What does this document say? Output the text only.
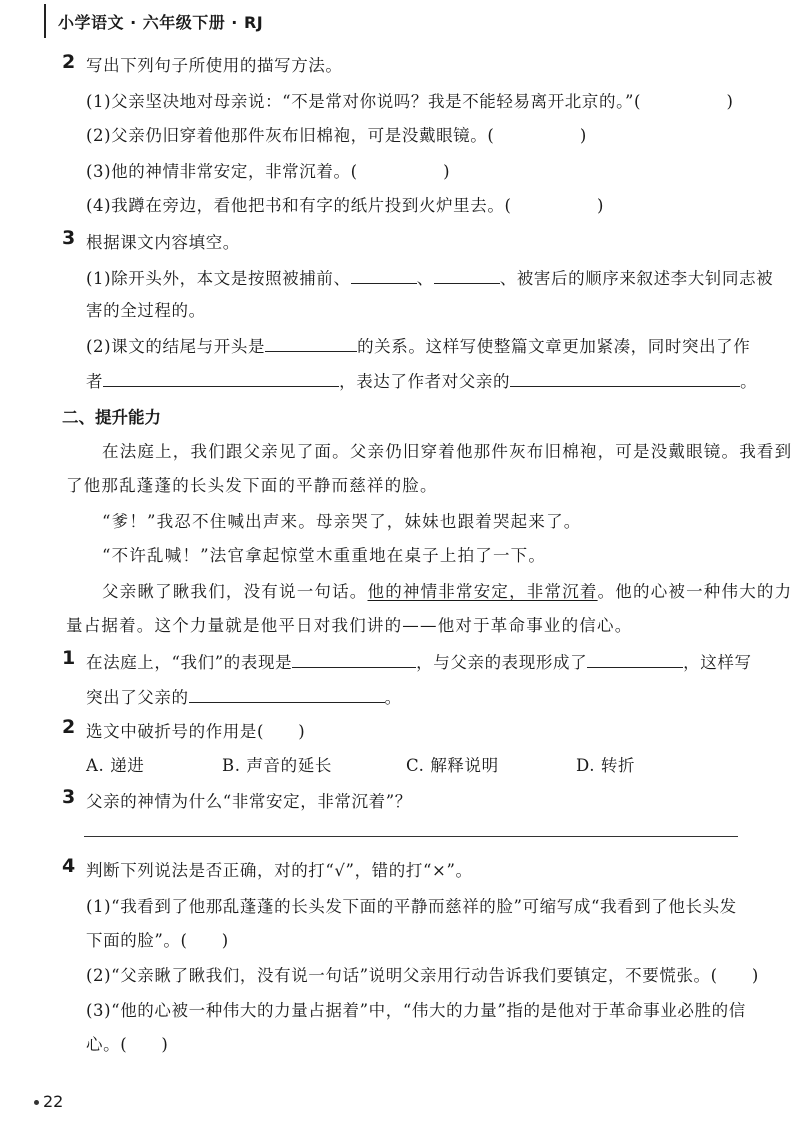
小学语文 · 六年级下册 · RJ
2 写出下列句子所使用的描写方法。
(1)父亲坚决地对母亲说：“不是常对你说吗？我是不能轻易离开北京的。”(　　　　　)
(2)父亲仍旧穿着他那件灰布旧棉袍，可是没戴眼镜。(　　　　　)
(3)他的神情非常安定，非常沉着。(　　　　　)
(4)我蹲在旁边，看他把书和有字的纸片投到火炉里去。(　　　　　)
3 根据课文内容填空。
(1)除开头外，本文是按照被捕前、	、	、被害后的顺序来叙述李大钊同志被
害的全过程的。
(2)课文的结尾与开头是	的关系。这样写使整篇文章更加紧凑，同时突出了作
者	，表达了作者对父亲的	。
二、提升能力
在法庭上，我们跟父亲见了面。父亲仍旧穿着他那件灰布旧棉袍，可是没戴眼镜。我看到
了他那乱蓬蓬的长头发下面的平静而慈祥的脸。
“爹！”我忍不住喊出声来。母亲哭了，妹妹也跟着哭起来了。
“不许乱喊！”法官拿起惊堂木重重地在桌子上拍了一下。
父亲瞅了瞅我们，没有说一句话。他的神情非常安定，非常沉着。他的心被一种伟大的力
量占据着。这个力量就是他平日对我们讲的——他对于革命事业的信心。
1 在法庭上，“我们”的表现是	，与父亲的表现形成了	，这样写
突出了父亲的	。
2 选文中破折号的作用是(　　)
A. 递进	B. 声音的延长	C. 解释说明	D. 转折
3 父亲的神情为什么“非常安定，非常沉着”？
4 判断下列说法是否正确，对的打“√”，错的打“×”。
(1)“我看到了他那乱蓬蓬的长头发下面的平静而慈祥的脸”可缩写成“我看到了他长头发
下面的脸”。(　　)
(2)“父亲瞅了瞅我们，没有说一句话”说明父亲用行动告诉我们要镇定，不要慌张。(　　)
(3)“他的心被一种伟大的力量占据着”中，“伟大的力量”指的是他对于革命事业必胜的信
心。(　　)
22
